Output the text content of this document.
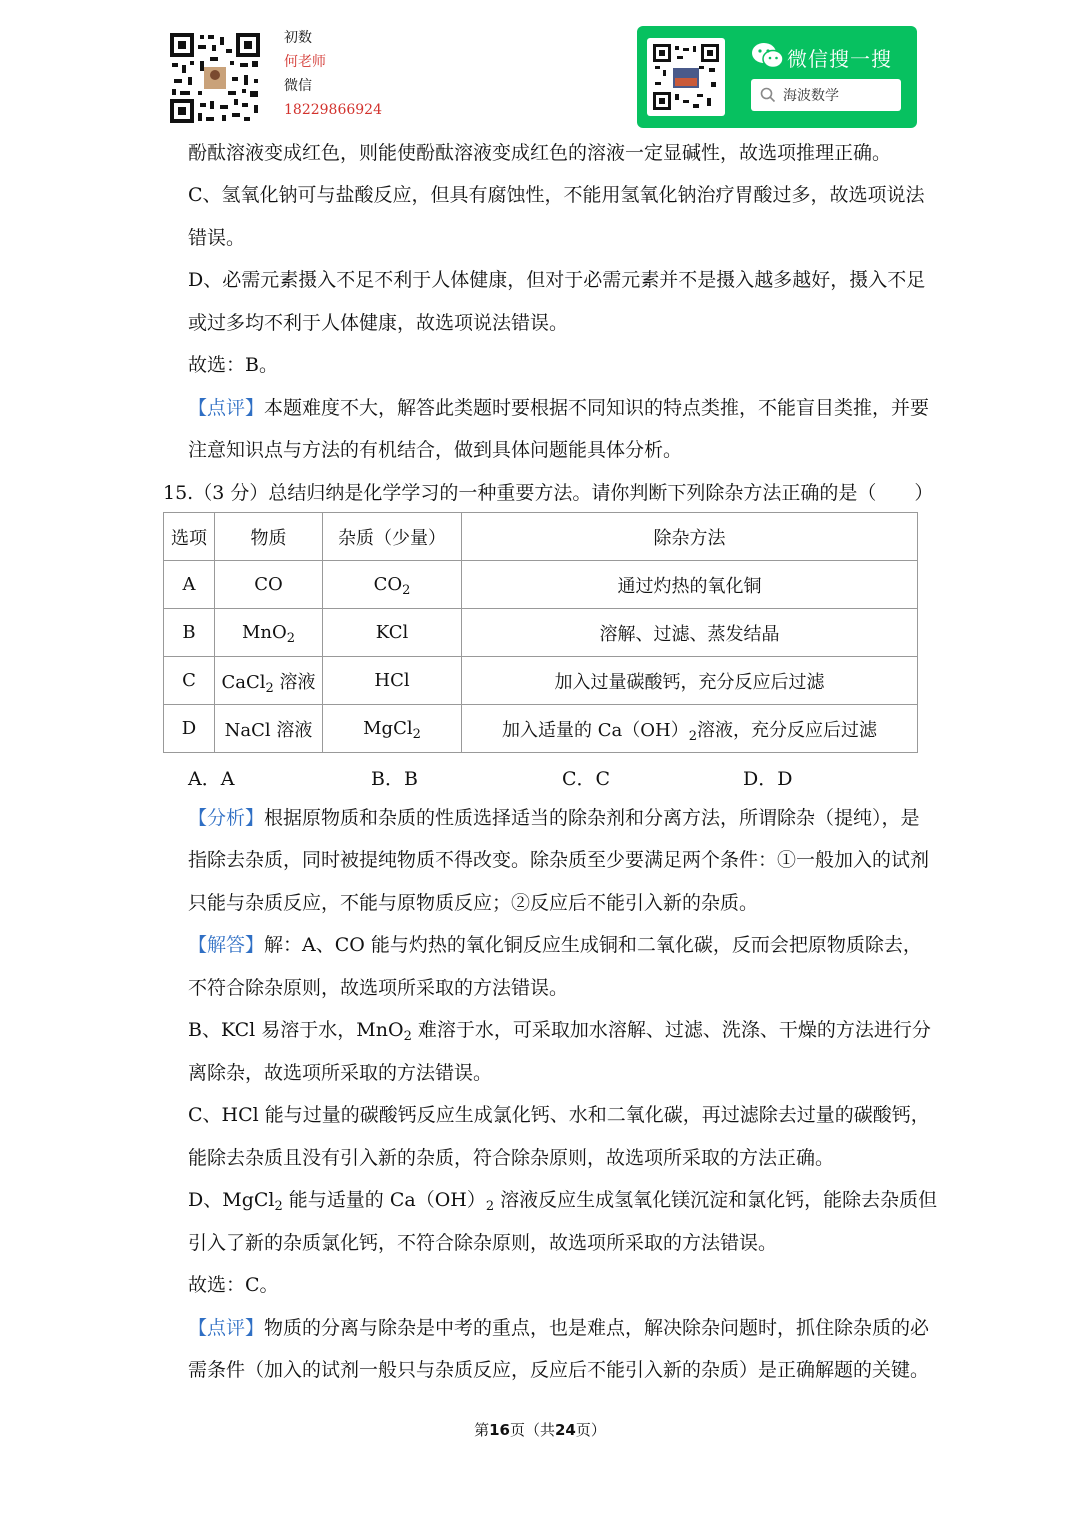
初数
何老师
微信
18229866924
微信搜一搜
海波数学
酚酞溶液变成红色，则能使酚酞溶液变成红色的溶液一定显碱性，故选项推理正确。
C、氢氧化钠可与盐酸反应，但具有腐蚀性，不能用氢氧化钠治疗胃酸过多，故选项说法
错误。
D、必需元素摄入不足不利于人体健康，但对于必需元素并不是摄入越多越好，摄入不足
或过多均不利于人体健康，故选项说法错误。
故选：B。
【点评】本题难度不大，解答此类题时要根据不同知识的特点类推，不能盲目类推，并要
注意知识点与方法的有机结合，做到具体问题能具体分析。
15.（3 分）总结归纳是化学学习的一种重要方法。请你判断下列除杂方法正确的是（　　）
选项	物质	杂质（少量）	除杂方法
A	CO	$CO_2$	通过灼热的氧化铜
B	MnO$_2$	KCl	溶解、过滤、蒸发结晶
C	CaCl$_2$ 溶液	HCl	加入过量碳酸钙，充分反应后过滤
D	NaCl 溶液	MgCl$_2$	加入适量的 $Ca(OH)_2$溶液，充分反应后过滤
A．A	B．B	C．C	D．D
【分析】根据原物质和杂质的性质选择适当的除杂剂和分离方法，所谓除杂（提纯），是
指除去杂质，同时被提纯物质不得改变。除杂质至少要满足两个条件：①一般加入的试剂
只能与杂质反应，不能与原物质反应；②反应后不能引入新的杂质。
【解答】解：A、CO 能与灼热的氧化铜反应生成铜和二氧化碳，反而会把原物质除去，
不符合除杂原则，故选项所采取的方法错误。
B、KCl 易溶于水，MnO$_2$ 难溶于水，可采取加水溶解、过滤、洗涤、干燥的方法进行分
离除杂，故选项所采取的方法错误。
C、HCl 能与过量的碳酸钙反应生成氯化钙、水和二氧化碳，再过滤除去过量的碳酸钙，
能除去杂质且没有引入新的杂质，符合除杂原则，故选项所采取的方法正确。
D、MgCl$_2$ 能与适量的 $Ca(OH)_2$ 溶液反应生成氢氧化镁沉淀和氯化钙，能除去杂质但
引入了新的杂质氯化钙，不符合除杂原则，故选项所采取的方法错误。
故选：C。
【点评】物质的分离与除杂是中考的重点，也是难点，解决除杂问题时，抓住除杂质的必
需条件（加入的试剂一般只与杂质反应，反应后不能引入新的杂质）是正确解题的关键。
第16页（共24页）
